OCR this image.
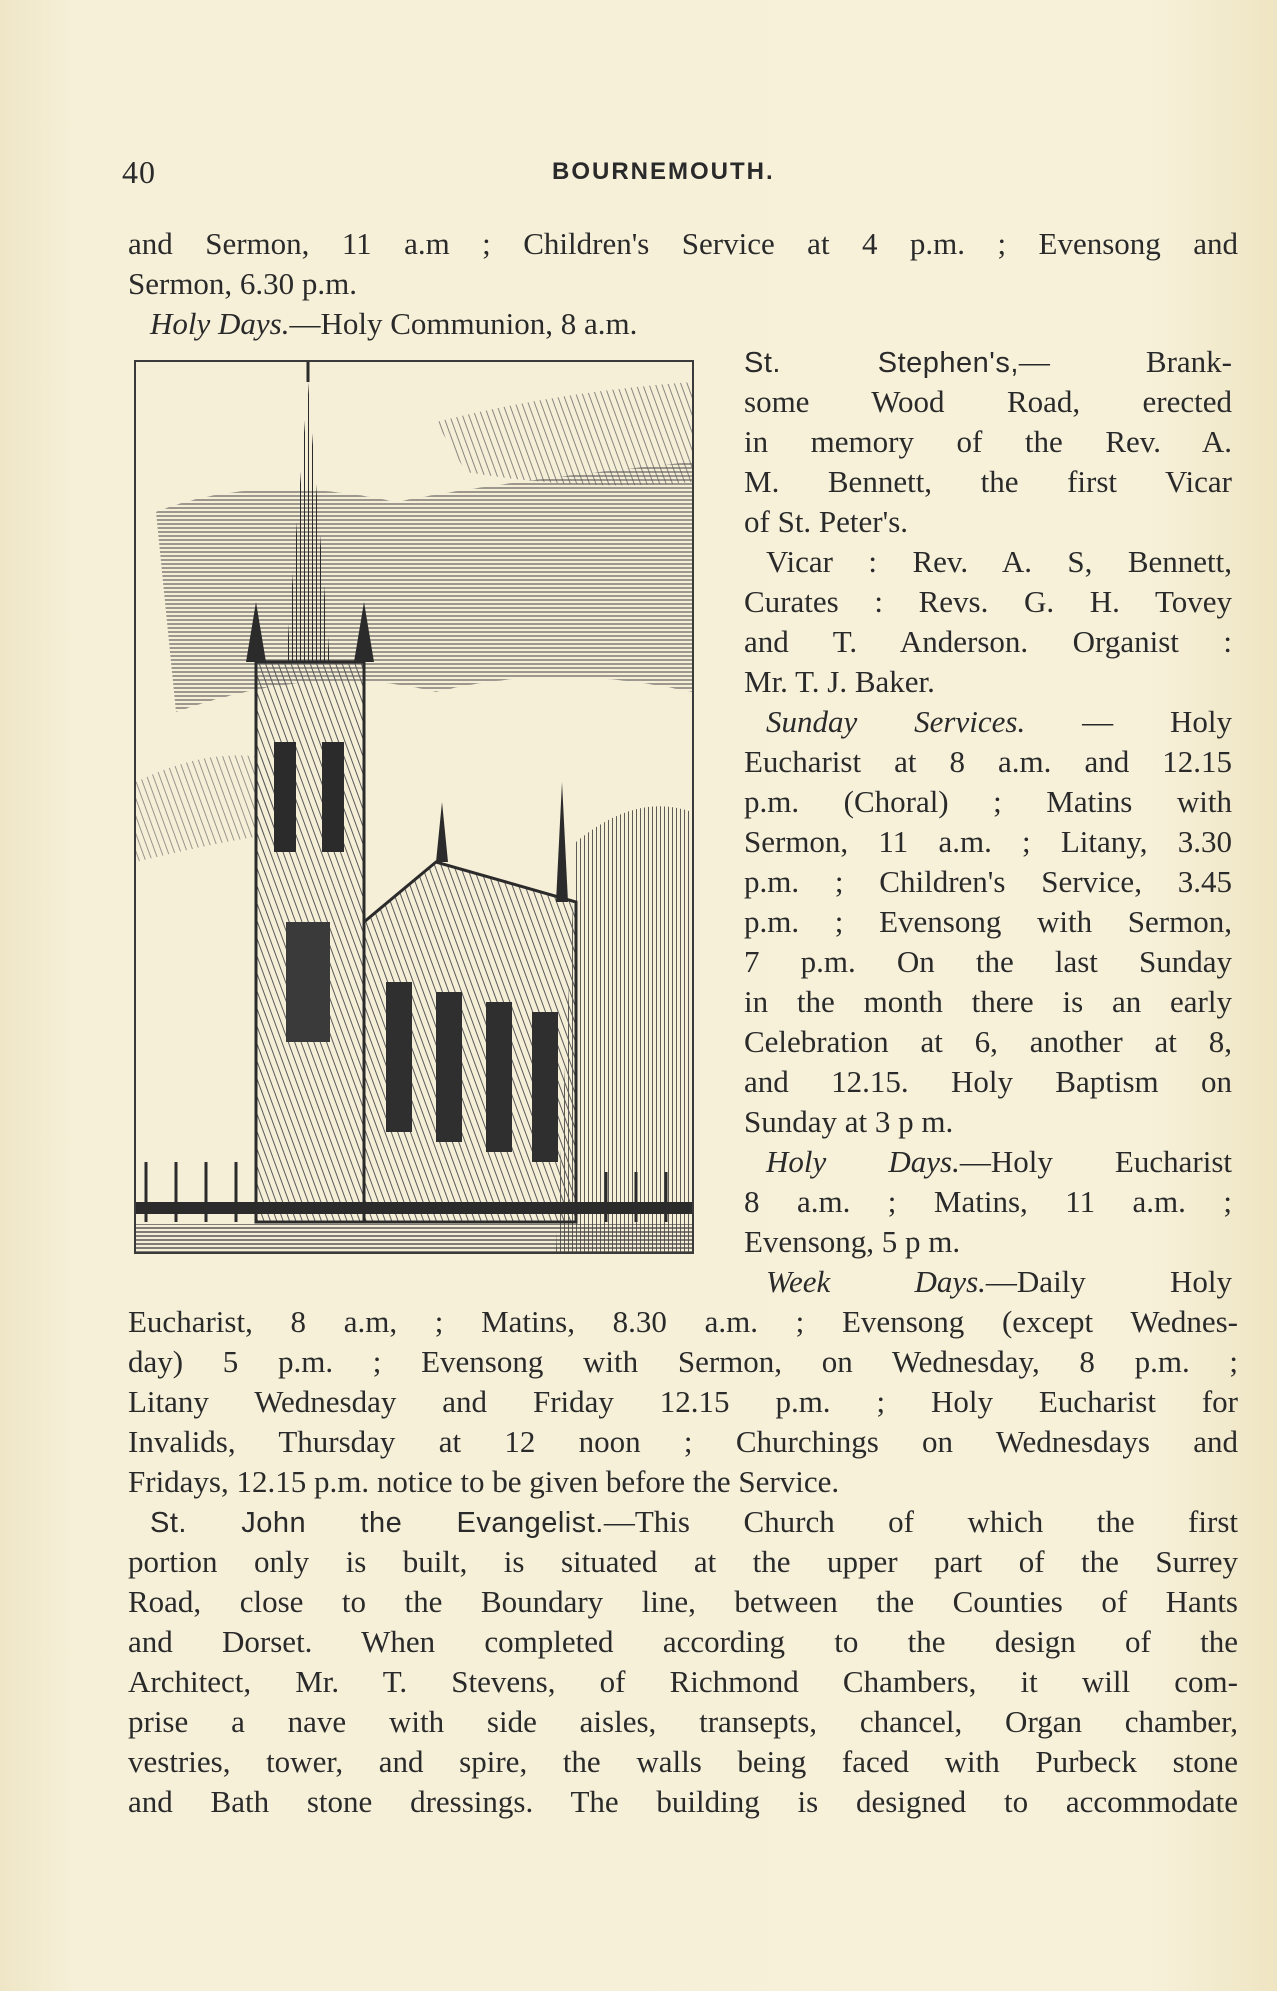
40	BOURNEMOUTH.
and Sermon, 11 a.m ; Children's Service at 4 p.m. ; Evensong and
Sermon, 6.30 p.m.
Holy Days.—Holy Communion, 8 a.m.
St. Stephen's,— Brank-
some Wood Road, erected
in memory of the Rev. A.
M. Bennett, the first Vicar
of St. Peter's.
Vicar : Rev. A. S, Bennett,
Curates : Revs. G. H. Tovey
and T. Anderson. Organist :
Mr. T. J. Baker.
Sunday Services. — Holy
Eucharist at 8 a.m. and 12.15
p.m. (Choral) ; Matins with
Sermon, 11 a.m. ; Litany, 3.30
p.m. ; Children's Service, 3.45
p.m. ; Evensong with Sermon,
7 p.m. On the last Sunday
in the month there is an early
Celebration at 6, another at 8,
and 12.15. Holy Baptism on
Sunday at 3 p m.
Holy Days.—Holy Eucharist
8 a.m. ; Matins, 11 a.m. ;
Evensong, 5 p m.
Week Days.—Daily Holy
Eucharist, 8 a.m, ; Matins, 8.30 a.m. ; Evensong (except Wednes-
day) 5 p.m. ; Evensong with Sermon, on Wednesday, 8 p.m. ;
Litany Wednesday and Friday 12.15 p.m. ; Holy Eucharist for
Invalids, Thursday at 12 noon ; Churchings on Wednesdays and
Fridays, 12.15 p.m. notice to be given before the Service.
St. John the Evangelist.—This Church of which the first
portion only is built, is situated at the upper part of the Surrey
Road, close to the Boundary line, between the Counties of Hants
and Dorset. When completed according to the design of the
Architect, Mr. T. Stevens, of Richmond Chambers, it will com-
prise a nave with side aisles, transepts, chancel, Organ chamber,
vestries, tower, and spire, the walls being faced with Purbeck stone
and Bath stone dressings. The building is designed to accommodate
